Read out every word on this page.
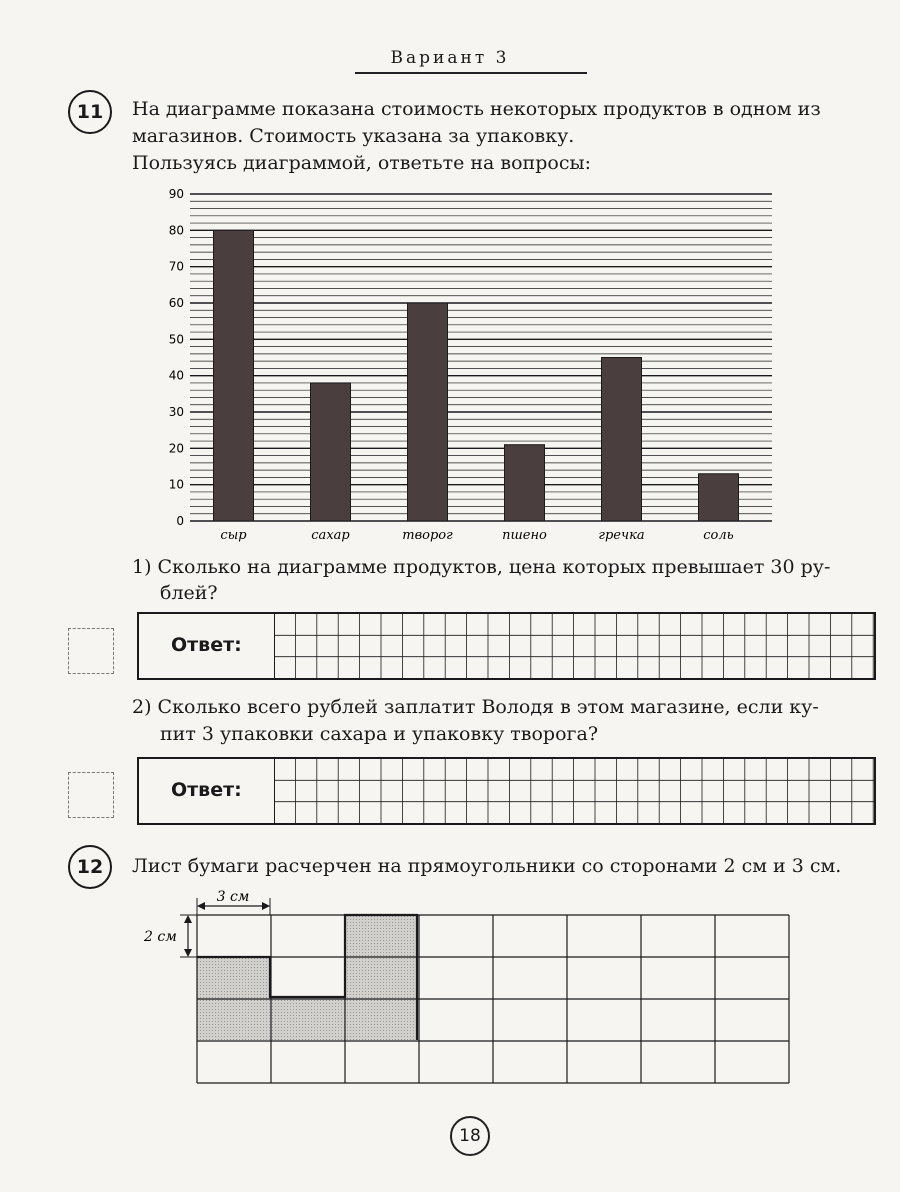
Вариант 3
11	На диаграмме показана стоимость некоторых продуктов в одном из
магазинов. Стоимость указана за упаковку.
Пользуясь диаграммой, ответьте на вопросы:
0
10
20
30
40
50
60
70
80
90
сыр	сахар	творог	пшено	гречка	соль
1) Сколько на диаграмме продуктов, цена которых превышает 30 ру-
блей?
Ответ:
2) Сколько всего рублей заплатит Володя в этом магазине, если ку-
пит 3 упаковки сахара и упаковку творога?
Ответ:
12	Лист бумаги расчерчен на прямоугольники со сторонами 2 см и 3 см.
3 см
2 см
18
